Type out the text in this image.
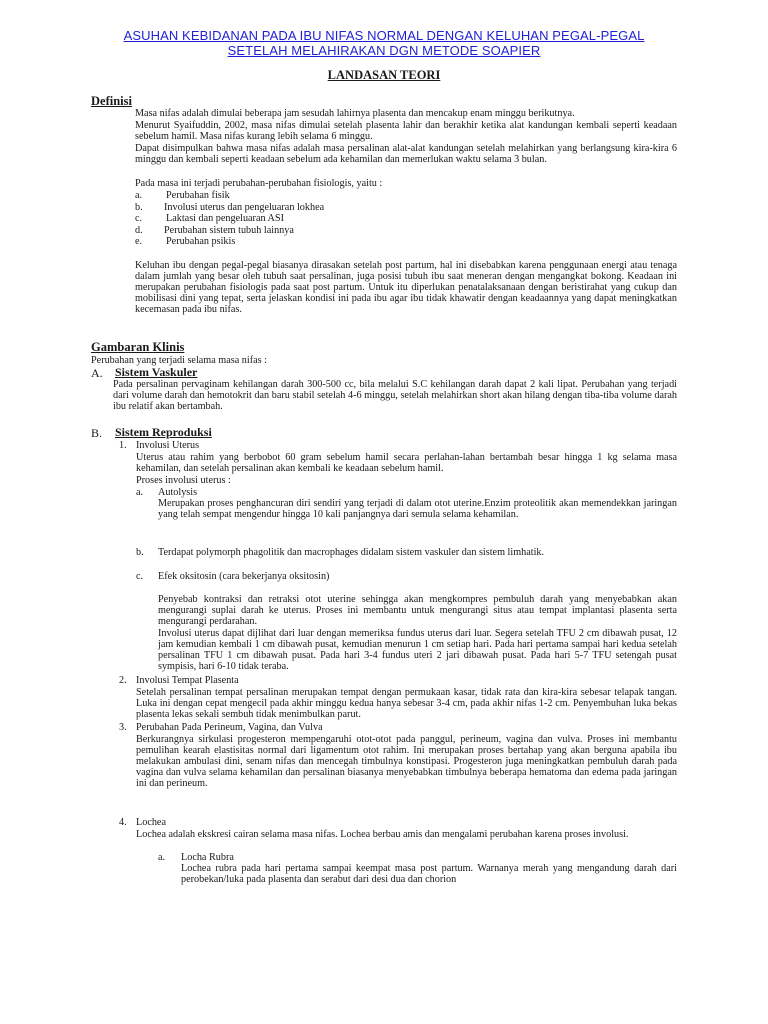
ASUHAN KEBIDANAN PADA IBU NIFAS NORMAL DENGAN KELUHAN PEGAL-PEGAL
SETELAH MELAHIRAKAN DGN METODE SOAPIER
LANDASAN TEORI
Definisi
Masa nifas adalah dimulai beberapa jam sesudah lahirnya plasenta dan mencakup enam minggu berikutnya.
Menurut Syaifuddin, 2002, masa nifas dimulai setelah plasenta lahir dan berakhir ketika alat kandungan kembali seperti keadaan sebelum hamil. Masa nifas kurang lebih selama 6 minggu.
Dapat disimpulkan bahwa masa nifas adalah masa persalinan alat-alat kandungan setelah melahirkan yang berlangsung kira-kira 6 minggu dan kembali seperti keadaan sebelum ada kehamilan dan memerlukan waktu selama 3 bulan.
Pada masa ini terjadi perubahan-perubahan fisiologis, yaitu :
a. Perubahan fisik
b. Involusi uterus dan pengeluaran lokhea
c. Laktasi dan pengeluaran ASI
d. Perubahan sistem tubuh lainnya
e. Perubahan psikis
Keluhan ibu dengan pegal-pegal biasanya dirasakan setelah post partum, hal ini disebabkan karena penggunaan energi atau tenaga dalam jumlah yang besar oleh tubuh saat persalinan, juga posisi tubuh ibu saat meneran dengan mengangkat bokong. Keadaan ini merupakan perubahan fisiologis pada saat post partum. Untuk itu diperlukan penatalaksanaan dengan beristirahat yang cukup dan mobilisasi dini yang tepat, serta jelaskan kondisi ini pada ibu agar ibu tidak khawatir dengan keadaannya yang dapat meningkatkan kecemasan pada ibu nifas.
Gambaran Klinis
Perubahan yang terjadi selama masa nifas :
A. Sistem Vaskuler
Pada persalinan pervaginam kehilangan darah 300-500 cc, bila melalui S.C kehilangan darah dapat 2 kali lipat. Perubahan yang terjadi dari volume darah dan hemotokrit dan baru stabil setelah 4-6 minggu, setelah melahirkan short akan hilang dengan tiba-tiba volume darah ibu relatif akan bertambah.
B. Sistem Reproduksi
1. Involusi Uterus
Uterus atau rahim yang berbobot 60 gram sebelum hamil secara perlahan-lahan bertambah besar hingga 1 kg selama masa kehamilan, dan setelah persalinan akan kembali ke keadaan sebelum hamil.
Proses involusi uterus :
a. Autolysis
Merupakan proses penghancuran diri sendiri yang terjadi di dalam otot uterine.Enzim proteolitik akan memendekkan jaringan yang telah sempat mengendur hingga 10 kali panjangnya dari semula selama kehamilan.
b. Terdapat polymorph phagolitik dan macrophages didalam sistem vaskuler dan sistem limhatik.
c. Efek oksitosin (cara bekerjanya oksitosin)
Penyebab kontraksi dan retraksi otot uterine sehingga akan mengkompres pembuluh darah yang menyebabkan akan mengurangi suplai darah ke uterus. Proses ini membantu untuk mengurangi situs atau tempat implantasi plasenta serta mengurangi perdarahan.
Involusi uterus dapat dijlihat dari luar dengan memeriksa fundus uterus dari luar. Segera setelah TFU 2 cm dibawah pusat, 12 jam kemudian kembali 1 cm dibawah pusat, kemudian menurun 1 cm setiap hari. Pada hari pertama sampai hari kedua setelah persalinan TFU 1 cm dibawah pusat. Pada hari 3-4 fundus uteri 2 jari dibawah pusat. Pada hari 5-7 TFU setengah pusat sympisis, hari 6-10 tidak teraba.
2. Involusi Tempat Plasenta
Setelah persalinan tempat persalinan merupakan tempat dengan permukaan kasar, tidak rata dan kira-kira sebesar telapak tangan. Luka ini dengan cepat mengecil pada akhir minggu kedua hanya sebesar 3-4 cm, pada akhir nifas 1-2 cm. Penyembuhan luka bekas plasenta lekas sekali sembuh tidak menimbulkan parut.
3. Perubahan Pada Perineum, Vagina, dan Vulva
Berkurangnya sirkulasi progesteron mempengaruhi otot-otot pada panggul, perineum, vagina dan vulva. Proses ini membantu pemulihan kearah elastisitas normal dari ligamentum otot rahim. Ini merupakan proses bertahap yang akan berguna apabila ibu melakukan ambulasi dini, senam nifas dan mencegah timbulnya konstipasi. Progesteron juga meningkatkan pembuluh darah pada vagina dan vulva selama kehamilan dan persalinan biasanya menyebabkan timbulnya beberapa hematoma dan edema pada jaringan ini dan perineum.
4. Lochea
Lochea adalah ekskresi cairan selama masa nifas. Lochea berbau amis dan mengalami perubahan karena proses involusi.
a. Locha Rubra
Lochea rubra pada hari pertama sampai keempat masa post partum. Warnanya merah yang mengandung darah dari perobekan/luka pada plasenta dan serabut dari desi dua dan chorion
